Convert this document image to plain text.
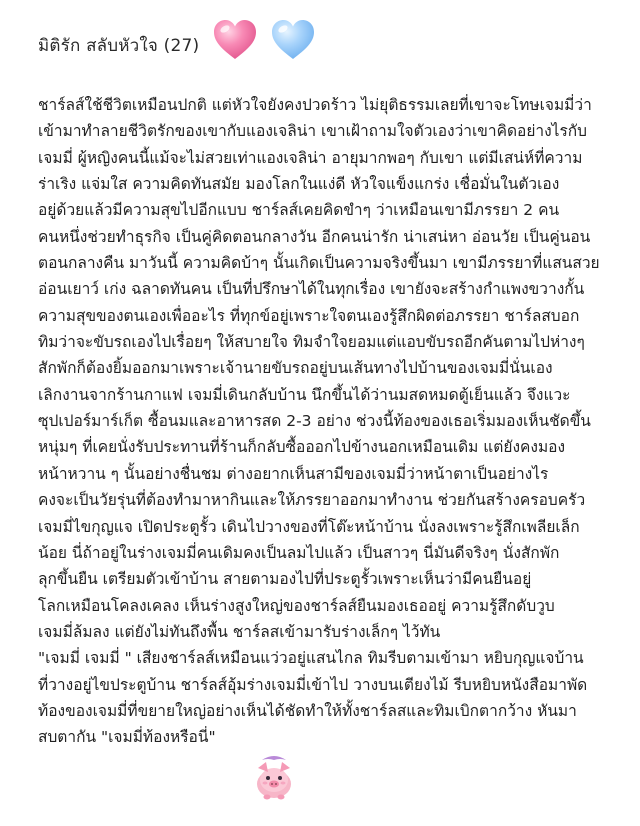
มิติรัก สลับหัวใจ (27)
ชาร์ลส์ใช้ชีวิตเหมือนปกติ แต่หัวใจยังคงปวดร้าว ไม่ยุติธรรมเลยที่เขาจะโทษเจมมี่ว่า
เข้ามาทำลายชีวิตรักของเขากับแองเจลิน่า เขาเฝ้าถามใจตัวเองว่าเขาคิดอย่างไรกับ
เจมมี่ ผู้หญิงคนนี้แม้จะไม่สวยเท่าแองเจลิน่า อายุมากพอๆ กับเขา แต่มีเสน่ห์ที่ความ
ร่าเริง แจ่มใส ความคิดทันสมัย มองโลกในแง่ดี หัวใจแข็งแกร่ง เชื่อมั่นในตัวเอง
อยู่ด้วยแล้วมีความสุขไปอีกแบบ ชาร์ลส์เคยคิดขำๆ ว่าเหมือนเขามีภรรยา 2 คน
คนหนึ่งช่วยทำธุรกิจ เป็นคู่คิดตอนกลางวัน อีกคนน่ารัก น่าเสน่หา อ่อนวัย เป็นคู่นอน
ตอนกลางคืน มาวันนี้ ความคิดบ้าๆ นั้นเกิดเป็นความจริงขึ้นมา เขามีภรรยาที่แสนสวย
อ่อนเยาว์ เก่ง ฉลาดทันคน เป็นที่ปรึกษาได้ในทุกเรื่อง เขายังจะสร้างกำแพงขวางกั้น
ความสุขของตนเองเพื่ออะไร ที่ทุกข์อยู่เพราะใจตนเองรู้สึกผิดต่อภรรยา ชาร์ลสบอก
ทิมว่าจะขับรถเองไปเรื่อยๆ ให้สบายใจ ทิมจำใจยอมแต่แอบขับรถอีกคันตามไปห่างๆ
สักพักก็ต้องยิ้มออกมาเพราะเจ้านายขับรถอยู่บนเส้นทางไปบ้านของเจมมี่นั่นเอง
เลิกงานจากร้านกาแฟ เจมมี่เดินกลับบ้าน นึกขึ้นได้ว่านมสดหมดตู้เย็นแล้ว จึงแวะ
ซุปเปอร์มาร์เก็ต ซื้อนมและอาหารสด 2-3 อย่าง ช่วงนี้ท้องของเธอเริ่มมองเห็นชัดขึ้น
หนุ่มๆ ที่เคยนั่งรับประทานที่ร้านก็กลับซื้อออกไปข้างนอกเหมือนเดิม แต่ยังคงมอง
หน้าหวาน ๆ นั้นอย่างชื่นชม ต่างอยากเห็นสามีของเจมมี่ว่าหน้าตาเป็นอย่างไร
คงจะเป็นวัยรุ่นที่ต้องทำมาหากินและให้ภรรยาออกมาทำงาน ช่วยกันสร้างครอบครัว
เจมมี่ไขกุญแจ เปิดประตูรั้ว เดินไปวางของที่โต๊ะหน้าบ้าน นั่งลงเพราะรู้สึกเพลียเล็ก
น้อย นี่ถ้าอยู่ในร่างเจมมี่คนเดิมคงเป็นลมไปแล้ว เป็นสาวๆ นี่มันดีจริงๆ นั่งสักพัก
ลุกขึ้นยืน เตรียมตัวเข้าบ้าน สายตามองไปที่ประตูรั้วเพราะเห็นว่ามีคนยืนอยู่
โลกเหมือนโคลงเคลง เห็นร่างสูงใหญ่ของชาร์ลส์ยืนมองเธออยู่ ความรู้สึกดับวูบ
เจมมี่ล้มลง แต่ยังไม่ทันถึงพื้น ชาร์ลสเข้ามารับร่างเล็กๆ ไว้ทัน
"เจมมี่ เจมมี่ " เสียงชาร์ลส์เหมือนแว่วอยู่แสนไกล ทิมรีบตามเข้ามา หยิบกุญแจบ้าน
ที่วางอยู่ไขประตูบ้าน ชาร์ลส์อุ้มร่างเจมมี่เข้าไป วางบนเตียงไม้ รีบหยิบหนังสือมาพัด
ท้องของเจมมี่ที่ขยายใหญ่อย่างเห็นได้ชัดทำให้ทั้งชาร์ลสและทิมเบิกตากว้าง หันมา
สบตากัน "เจมมี่ท้องหรือนี่"
